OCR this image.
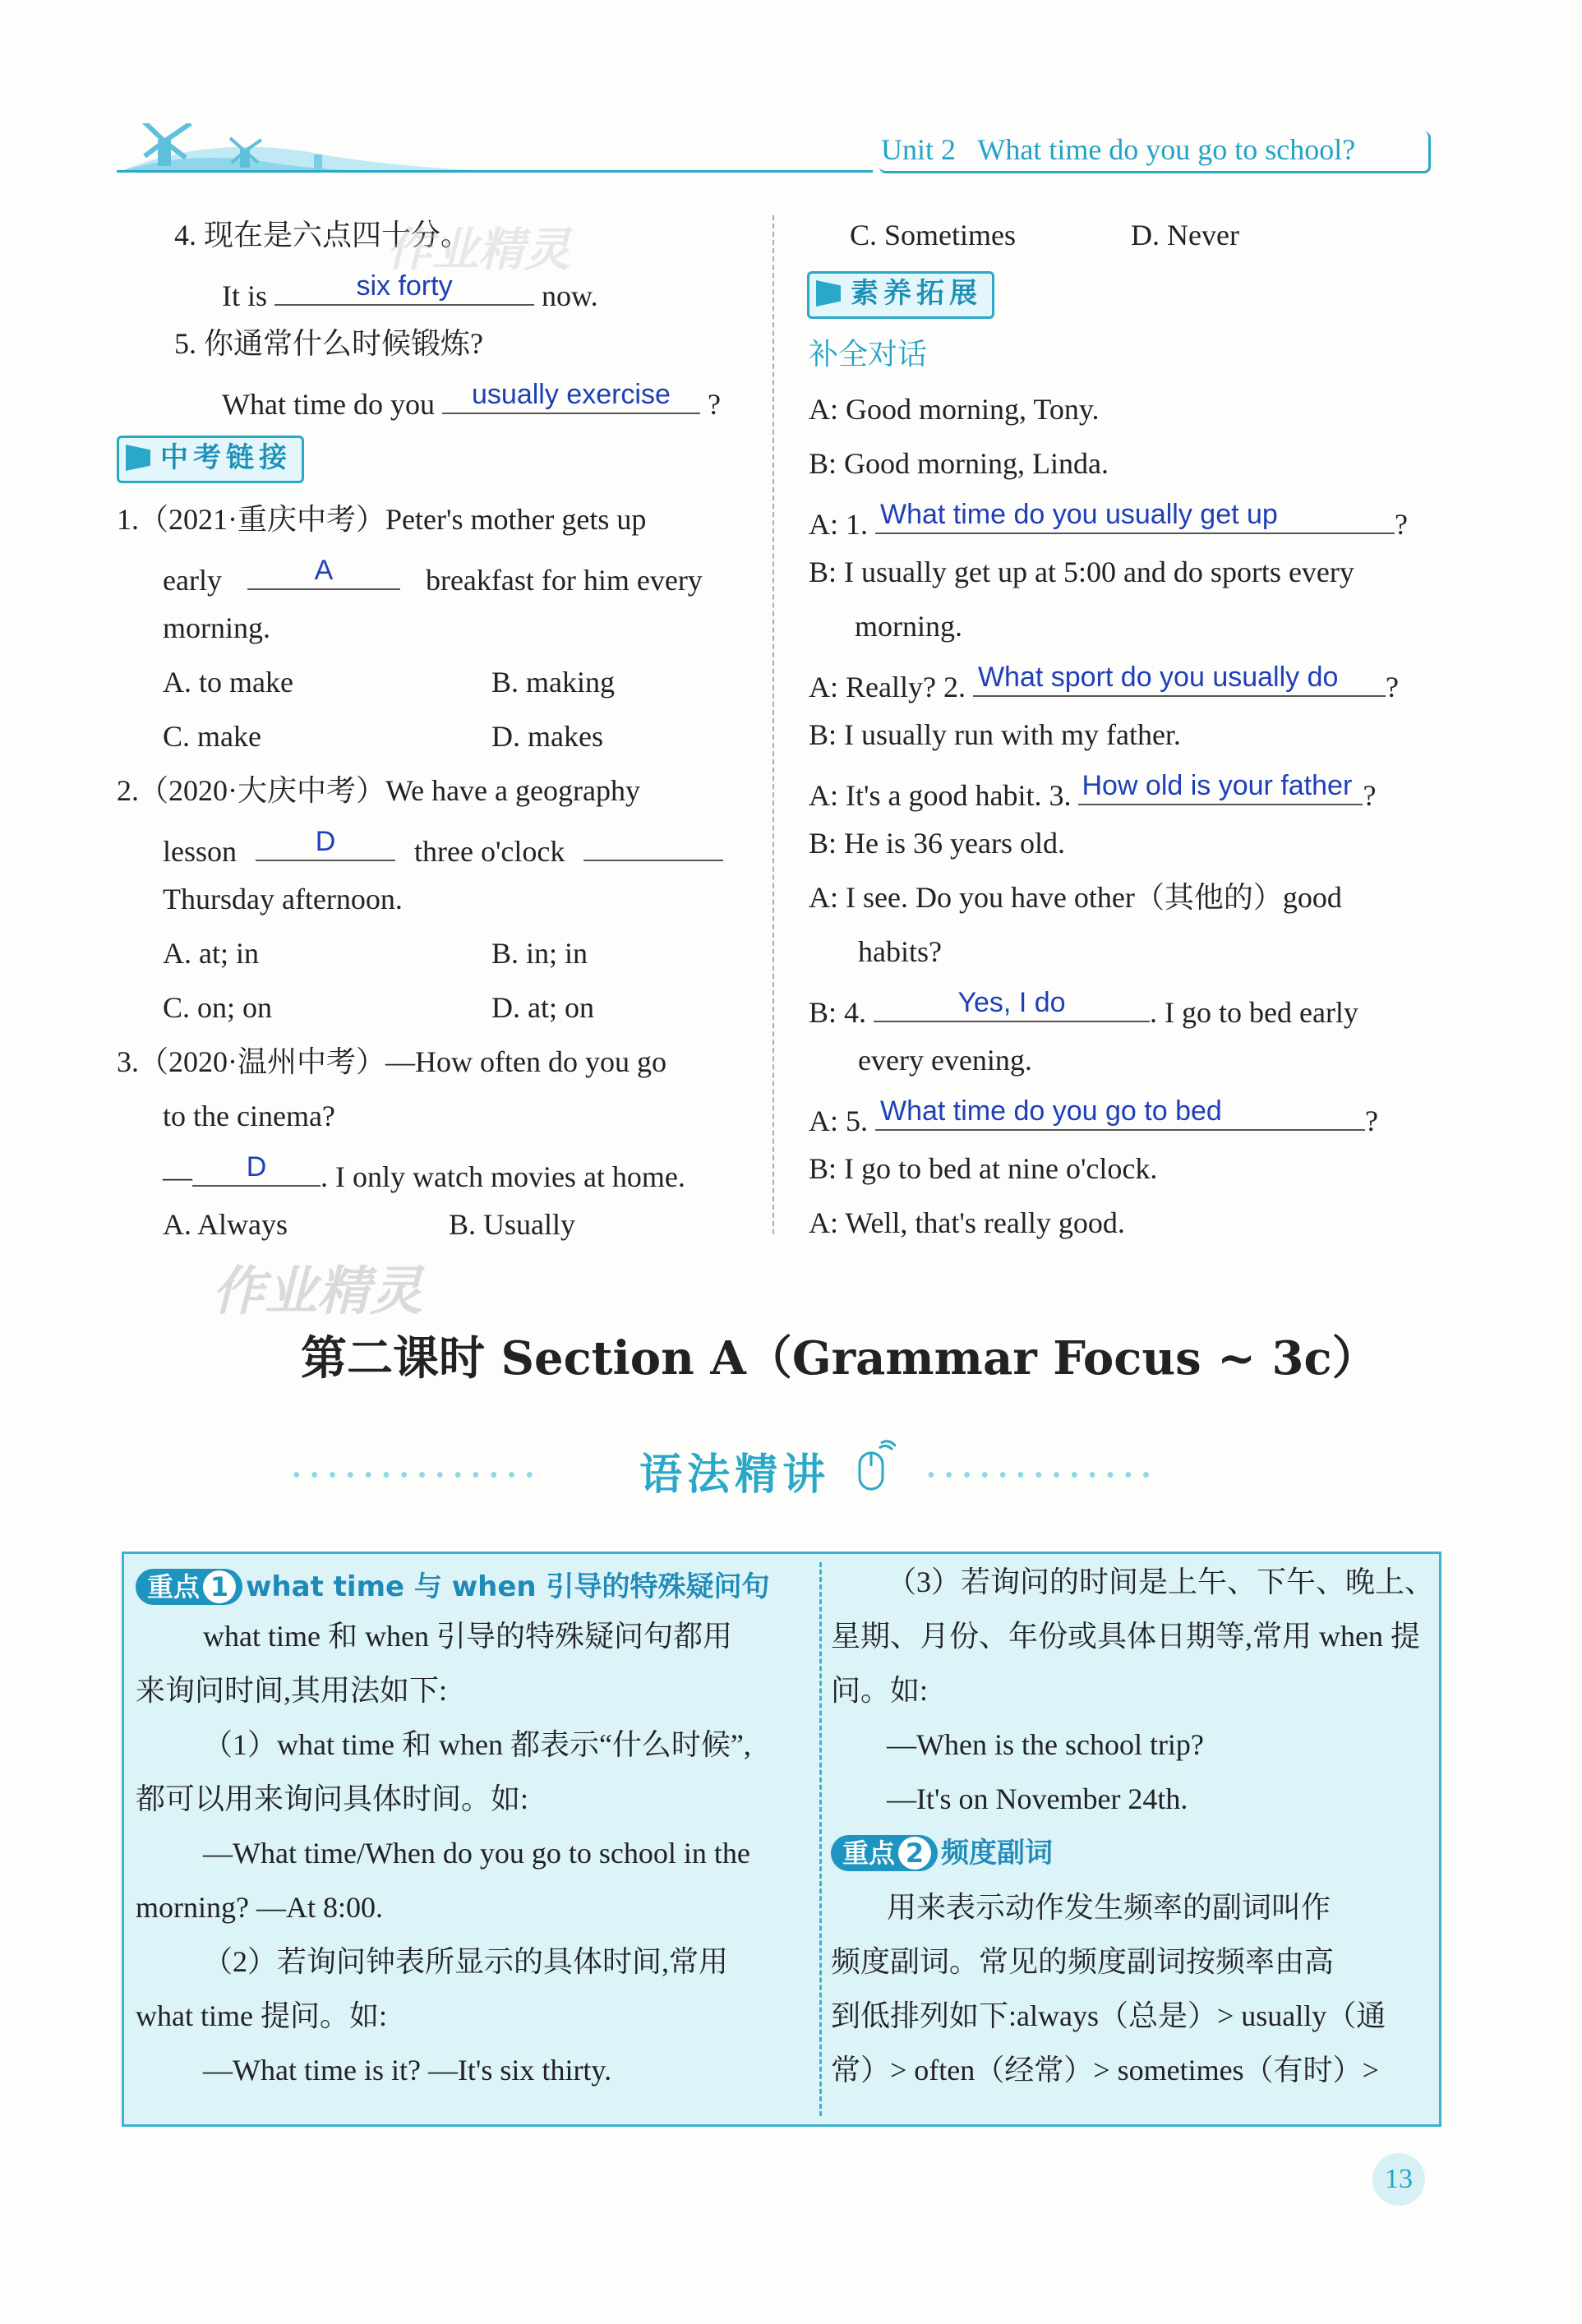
Unit 2   What time do you go to school?
4. 现在是六点四十分。
It is	six forty	now.
5. 你通常什么时候锻炼?
What time do you	usually exercise	?
中考链接
1.（2021·重庆中考）Peter's mother gets up
early	A	breakfast for him every
morning.
A. to make	B. making
C. make	D. makes
2.（2020·大庆中考）We have a geography
lesson	D	three o'clock
Thursday afternoon.
A. at; in	B. in; in
C. on; on	D. at; on
3.（2020·温州中考）—How often do you go
to the cinema?
—	D	. I only watch movies at home.
A. Always	B. Usually
C. Sometimes	D. Never
素养拓展
补全对话
A: Good morning, Tony.
B: Good morning, Linda.
A: 1. What time do you usually get up	?
B: I usually get up at 5:00 and do sports every
morning.
A: Really? 2. What sport do you usually do	?
B: I usually run with my father.
A: It's a good habit. 3. How old is your father ?
B: He is 36 years old.
A: I see. Do you have other（其他的）good
habits?
B: 4.	Yes, I do	. I go to bed early
every evening.
A: 5. What time do you go to bed	?
B: I go to bed at nine o'clock.
A: Well, that's really good.
作业精灵
作业精灵
第二课时 Section A（Grammar Focus ~ 3c）
•••••••••••••• 语法精讲	•••••••••••••
重点 1 what time 与 when 引导的特殊疑问句
what time 和 when 引导的特殊疑问句都用
来询问时间,其用法如下:
（1）what time 和 when 都表示“什么时候”,
都可以用来询问具体时间。如:
—What time/When do you go to school in the
morning? —At 8:00.
（2）若询问钟表所显示的具体时间,常用
what time 提问。如:
—What time is it? —It's six thirty.
（3）若询问的时间是上午、下午、晚上、
星期、月份、年份或具体日期等,常用 when 提
问。如:
—When is the school trip?
—It's on November 24th.
重点 2 频度副词
用来表示动作发生频率的副词叫作
频度副词。常见的频度副词按频率由高
到低排列如下:always（总是）> usually（通
常）> often（经常）> sometimes（有时）>
13
